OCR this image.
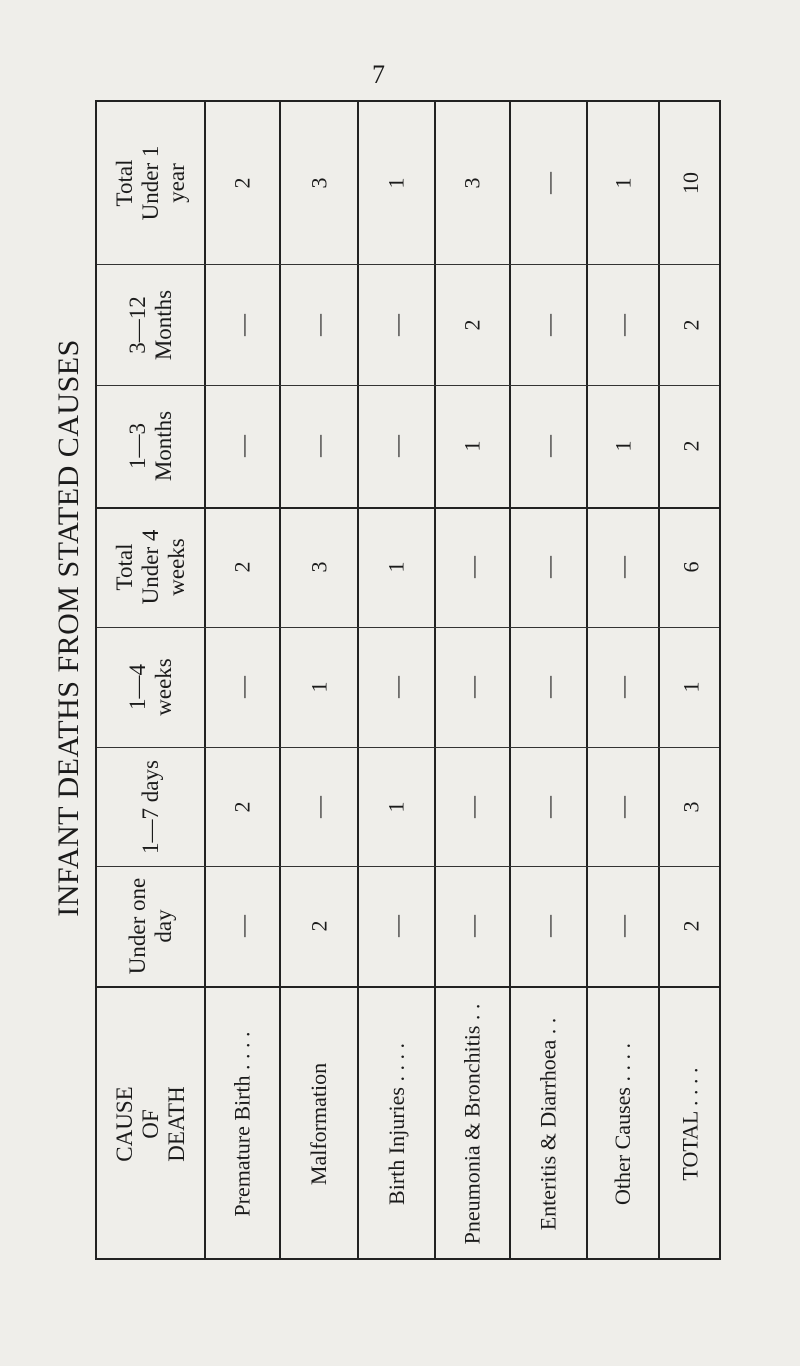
7
INFANT DEATHS FROM STATED CAUSES
CAUSE OF DEATH
Under one day
1—7 days
1—4 weeks
Total Under 4 weeks
1—3 Months
3—12 Months
Total Under 1 year
Premature Birth . . . .
—
2
—
2
—
—
2
Malformation
2
—
1
3
—
—
3
Birth Injuries . . . .
—
1
—
1
—
—
1
Pneumonia & Bronchitis . .
—
—
—
—
1
2
3
Enteritis & Diarrhoea . .
—
—
—
—
—
—
—
Other Causes . . . .
—
—
—
—
1
—
1
TOTAL . . . .
2
3
1
6
2
2
10
